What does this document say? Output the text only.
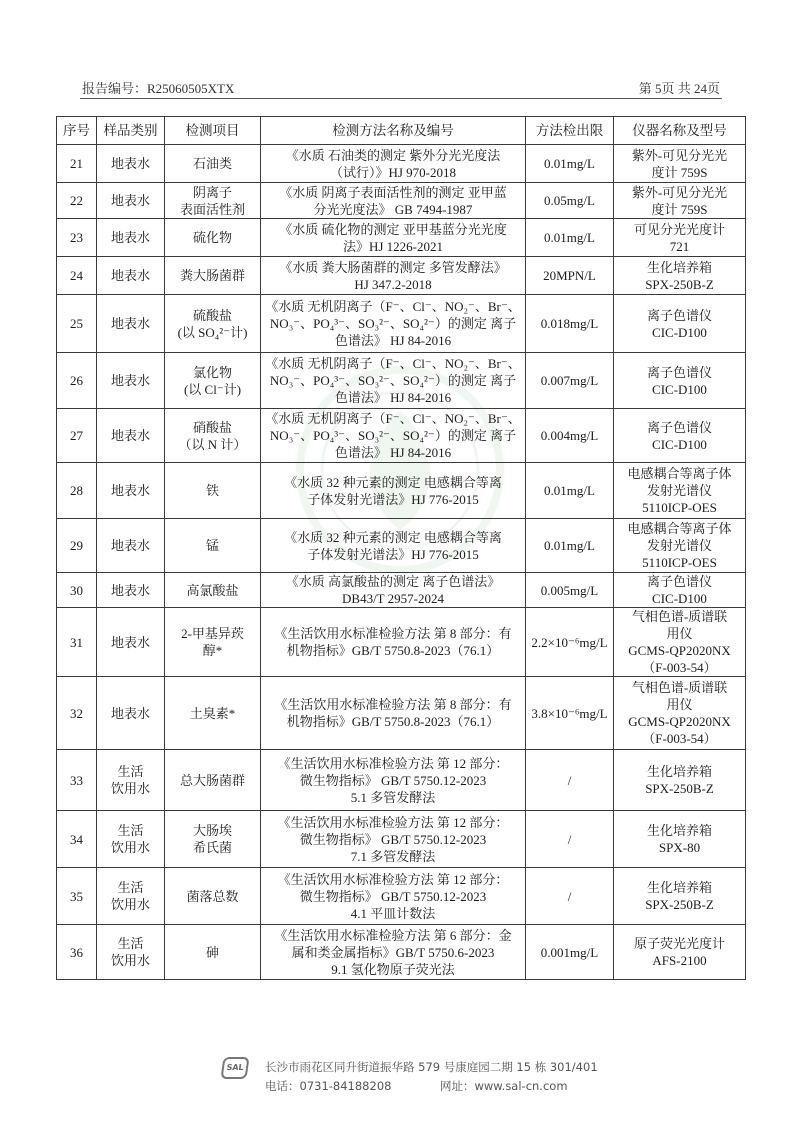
报告编号：R25060505XTX	第 5页 共 24页
序号	样品类别	检测项目	检测方法名称及编号	方法检出限	仪器名称及型号

21	地表水	石油类	《水质 石油类的测定 紫外分光光度法
（试行）》HJ 970-2018	0.01mg/L	紫外-可见分光光
度计 759S

22	地表水	阴离子
表面活性剂	《水质 阴离子表面活性剂的测定 亚甲蓝
分光光度法》 GB 7494-1987	0.05mg/L	紫外-可见分光光
度计 759S

23	地表水	硫化物	《水质 硫化物的测定 亚甲基蓝分光光度
法》HJ 1226-2021	0.01mg/L	可见分光光度计
721

24	地表水	粪大肠菌群	《水质 粪大肠菌群的测定 多管发酵法》
HJ 347.2-2018	20MPN/L	生化培养箱
SPX-250B-Z

25	地表水	硫酸盐
(以 SO₄²⁻计)	《水质 无机阴离子（F⁻、Cl⁻、NO₂⁻、Br⁻、
NO₃⁻、PO₄³⁻、SO₃²⁻、SO₄²⁻）的测定 离子
色谱法》 HJ 84-2016	0.018mg/L	离子色谱仪
CIC-D100

26	地表水	氯化物
(以 Cl⁻计)	《水质 无机阴离子（F⁻、Cl⁻、NO₂⁻、Br⁻、
NO₃⁻、PO₄³⁻、SO₃²⁻、SO₄²⁻）的测定 离子
色谱法》 HJ 84-2016	0.007mg/L	离子色谱仪
CIC-D100

27	地表水	硝酸盐
（以 N 计）	《水质 无机阴离子（F⁻、Cl⁻、NO₂⁻、Br⁻、
NO₃⁻、PO₄³⁻、SO₃²⁻、SO₄²⁻）的测定 离子
色谱法》 HJ 84-2016	0.004mg/L	离子色谱仪
CIC-D100

28	地表水	铁	《水质 32 种元素的测定 电感耦合等离
子体发射光谱法》HJ 776-2015	0.01mg/L	电感耦合等离子体
发射光谱仪
5110ICP-OES

29	地表水	锰	《水质 32 种元素的测定 电感耦合等离
子体发射光谱法》HJ 776-2015	0.01mg/L	电感耦合等离子体
发射光谱仪
5110ICP-OES

30	地表水	高氯酸盐	《水质 高氯酸盐的测定 离子色谱法》
DB43/T 2957-2024	0.005mg/L	离子色谱仪
CIC-D100

31	地表水	2-甲基异莰
醇*	《生活饮用水标准检验方法 第 8 部分：有
机物指标》GB/T 5750.8-2023（76.1）	2.2×10⁻⁶mg/L	气相色谱-质谱联
用仪
GCMS-QP2020NX
（F-003-54）

32	地表水	土臭素*	《生活饮用水标准检验方法 第 8 部分：有
机物指标》GB/T 5750.8-2023（76.1）	3.8×10⁻⁶mg/L	气相色谱-质谱联
用仪
GCMS-QP2020NX
（F-003-54）

33	生活
饮用水	总大肠菌群	《生活饮用水标准检验方法 第 12 部分：
微生物指标》 GB/T 5750.12-2023
5.1 多管发酵法	/	生化培养箱
SPX-250B-Z

34	生活
饮用水	大肠埃
希氏菌	《生活饮用水标准检验方法 第 12 部分：
微生物指标》 GB/T 5750.12-2023
7.1 多管发酵法	/	生化培养箱
SPX-80

35	生活
饮用水	菌落总数	《生活饮用水标准检验方法 第 12 部分：
微生物指标》 GB/T 5750.12-2023
4.1 平皿计数法	/	生化培养箱
SPX-250B-Z

36	生活
饮用水	砷	《生活饮用水标准检验方法 第 6 部分：金
属和类金属指标》GB/T 5750.6-2023
9.1 氢化物原子荧光法	0.001mg/L	原子荧光光度计
AFS-2100
SAL	长沙市雨花区同升街道振华路 579 号康庭园二期 15 栋 301/401
电话：0731-84188208	网址：www.sal-cn.com
